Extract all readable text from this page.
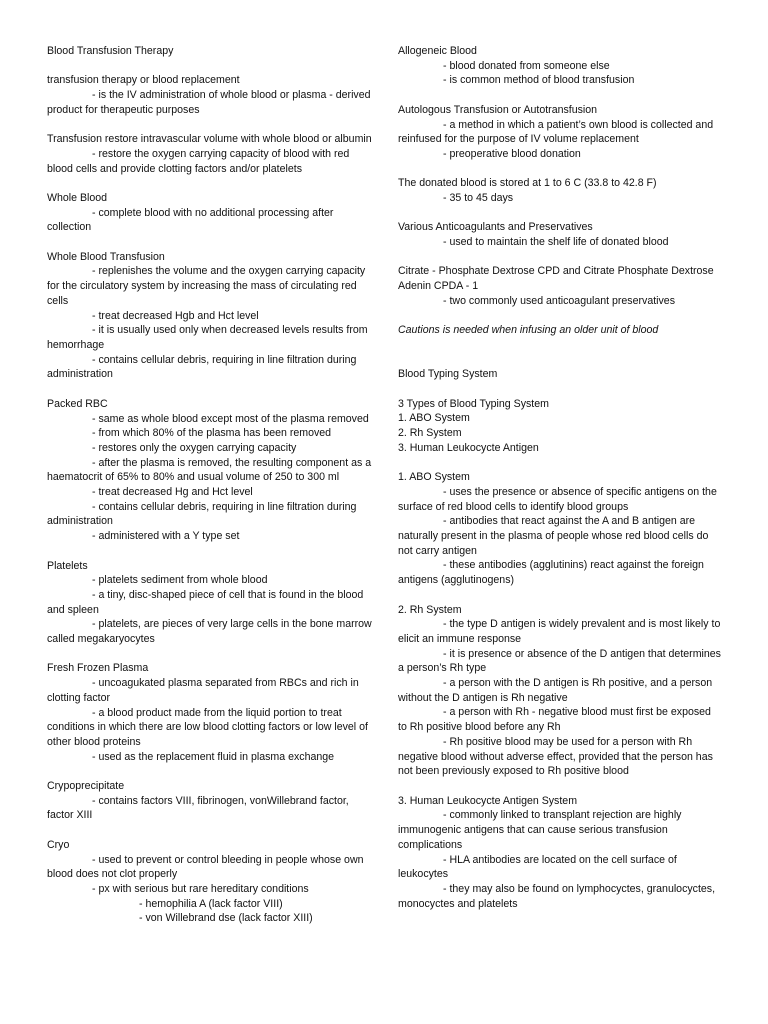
Blood Transfusion Therapy

transfusion therapy or blood replacement

- is the IV administration of whole blood or plasma - derived product for therapeutic purposes

Transfusion restore intravascular volume with whole blood or albumin

- restore the oxygen carrying capacity of blood with red blood cells and provide clotting factors and/or platelets

Whole Blood

- complete blood with no additional processing after collection

Whole Blood Transfusion

- replenishes the volume and the oxygen carrying capacity for the circulatory system by increasing the mass of circulating red cells

- treat decreased Hgb and Hct level

- it is usually used only when decreased levels results from hemorrhage

- contains cellular debris, requiring in line filtration during administration

Packed RBC

- same as whole blood except most of the plasma removed

- from which 80% of the plasma has been removed

- restores only the oxygen carrying capacity

- after the plasma is removed, the resulting component as a haematocrit of 65% to 80% and usual volume of 250 to 300 ml

- treat decreased Hg and Hct level

- contains cellular debris, requiring in line filtration during administration

- administered with a Y type set

Platelets

- platelets sediment from whole blood

- a tiny, disc-shaped piece of cell that is found in the blood and spleen

- platelets, are pieces of very large cells in the bone marrow called megakaryocytes

Fresh Frozen Plasma

- uncoagukated plasma separated from RBCs and rich in clotting factor

- a blood product made from the liquid portion to treat conditions in which there are low blood clotting factors or low level of other blood proteins

- used as the replacement fluid in plasma exchange

Crypoprecipitate

- contains factors VIII, fibrinogen, vonWillebrand factor, factor XIII

Cryo

- used to prevent or control bleeding in people whose own blood does not clot properly

- px with serious but rare hereditary conditions

- hemophilia A (lack factor VIII)

- von Willebrand dse (lack factor XIII)

Allogeneic Blood

- blood donated from someone else

- is common method of blood transfusion

Autologous Transfusion or Autotransfusion

- a method in which a patient’s own blood is collected and reinfused for the purpose of IV volume replacement

- preoperative blood donation

The donated blood is stored at 1 to 6 C (33.8 to 42.8 F)

- 35 to 45 days

Various Anticoagulants and Preservatives

- used to maintain the shelf life of donated blood

Citrate - Phosphate Dextrose CPD and Citrate Phosphate Dextrose Adenin CPDA - 1

- two commonly used anticoagulant preservatives

Cautions is needed when infusing an older unit of blood

Blood Typing System

3 Types of Blood Typing System

1. ABO System

2. Rh System

3. Human Leukocycte Antigen

1. ABO System

- uses the presence or absence of specific antigens on the surface of red blood cells to identify blood groups

- antibodies that react against the A and B antigen are naturally present in the plasma of people whose red blood cells do not carry antigen

- these antibodies (agglutinins) react against the foreign antigens (agglutinogens)

2. Rh System

- the type D antigen is widely prevalent and is most likely to elicit an immune response

- it is presence or absence of the D antigen that determines a person’s Rh type

- a person with the D antigen is Rh positive, and a person without the D antigen is Rh negative

- a person with Rh - negative blood must first be exposed to Rh positive blood before any Rh

- Rh positive blood may be used for a person with Rh negative blood without adverse effect, provided that the person has not been previously exposed to Rh positive blood

3. Human Leukocycte Antigen System

- commonly linked to transplant rejection are highly immunogenic antigens that can cause serious transfusion complications

- HLA antibodies are located on the cell surface of leukocytes

- they may also be found on lymphocyctes, granulocyctes, monocyctes and platelets
